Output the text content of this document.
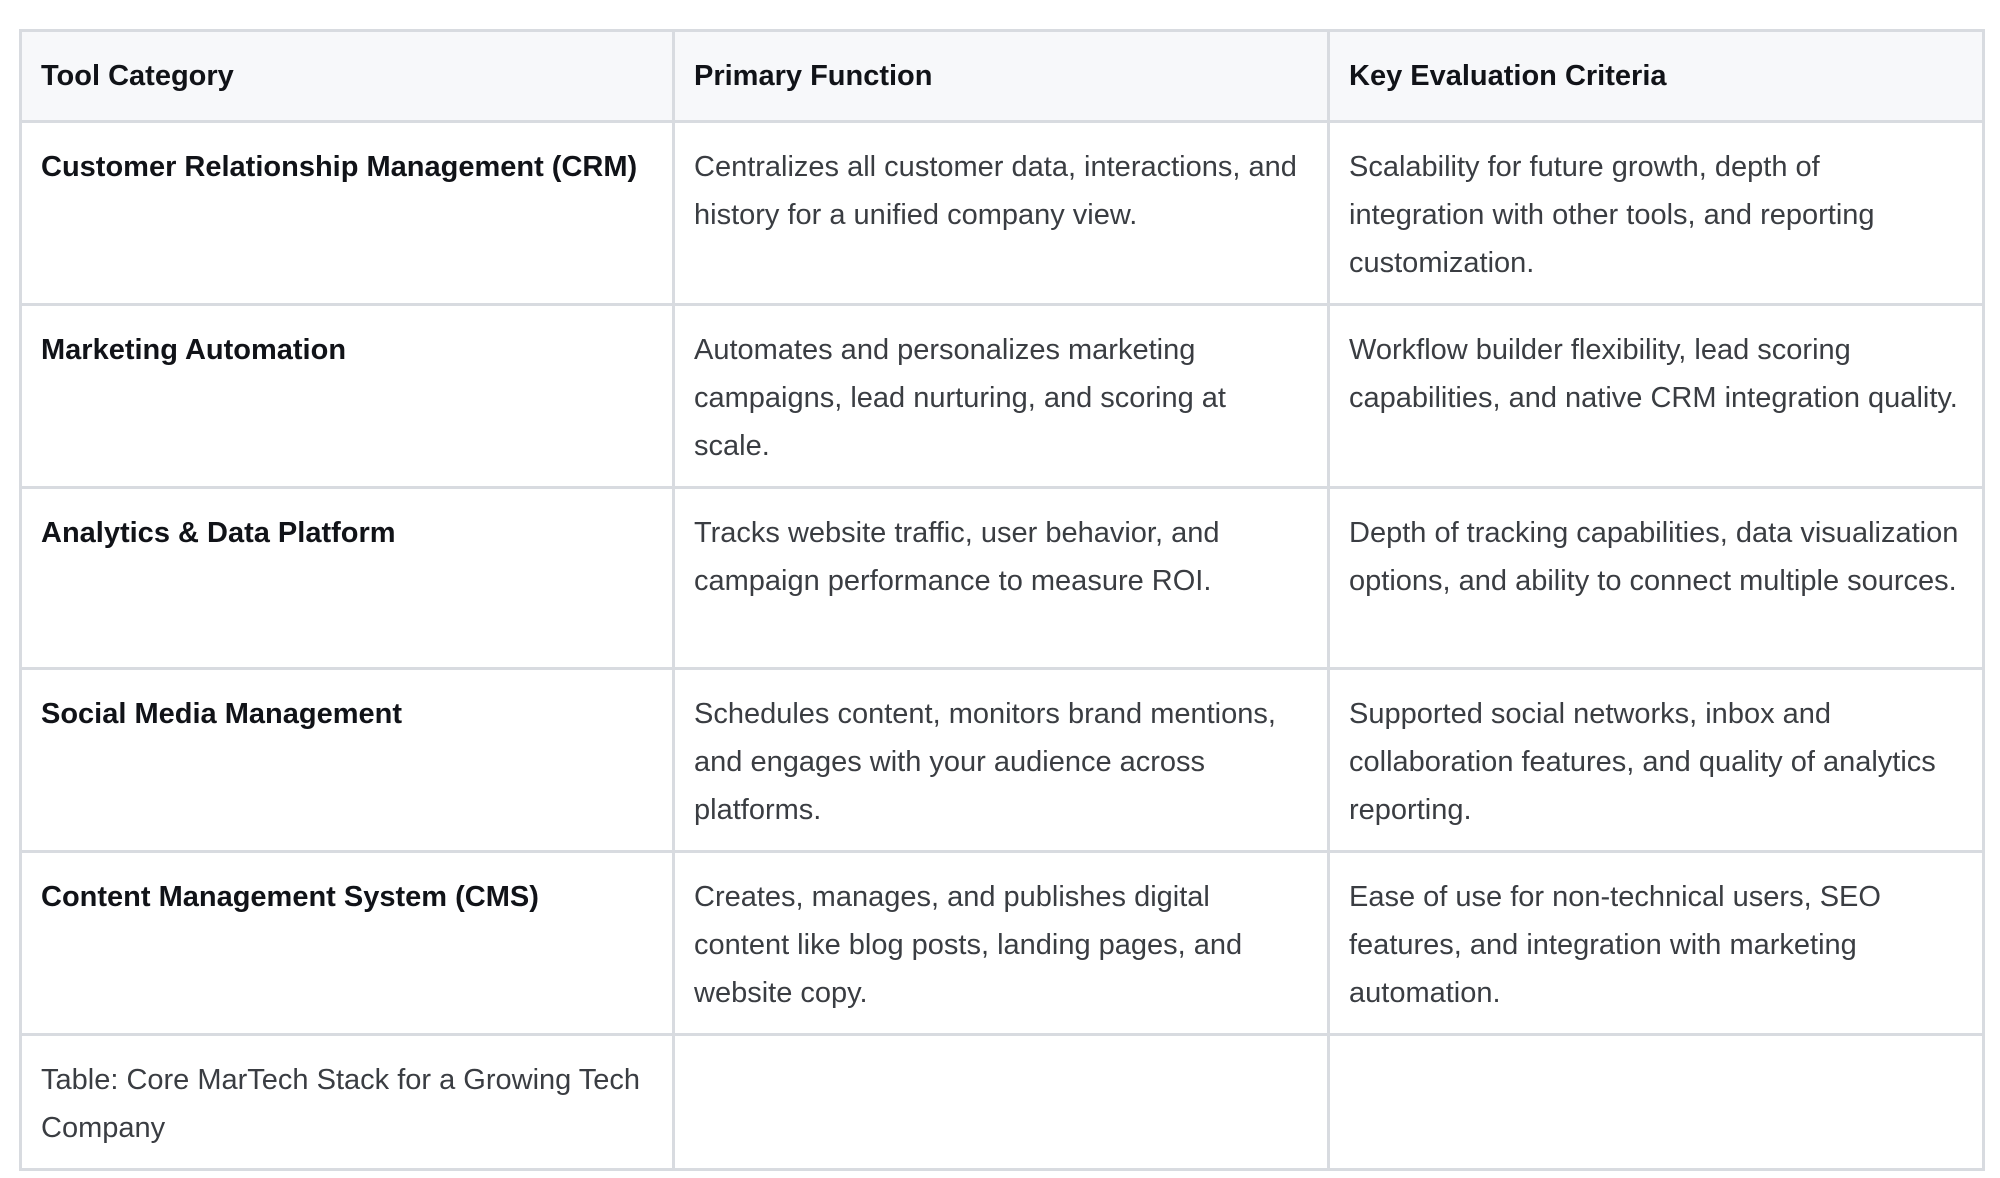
Tool Category	Primary Function	Key Evaluation Criteria
Customer Relationship Management (CRM)	Centralizes all customer data, interactions, and history for a unified company view.	Scalability for future growth, depth of integration with other tools, and reporting customization.
Marketing Automation	Automates and personalizes marketing campaigns, lead nurturing, and scoring at scale.	Workflow builder flexibility, lead scoring capabilities, and native CRM integration quality.
Analytics & Data Platform	Tracks website traffic, user behavior, and campaign performance to measure ROI.	Depth of tracking capabilities, data visualization options, and ability to connect multiple sources.
Social Media Management	Schedules content, monitors brand mentions, and engages with your audience across platforms.	Supported social networks, inbox and collaboration features, and quality of analytics reporting.
Content Management System (CMS)	Creates, manages, and publishes digital content like blog posts, landing pages, and website copy.	Ease of use for non-technical users, SEO features, and integration with marketing automation.
Table: Core MarTech Stack for a Growing Tech Company		
